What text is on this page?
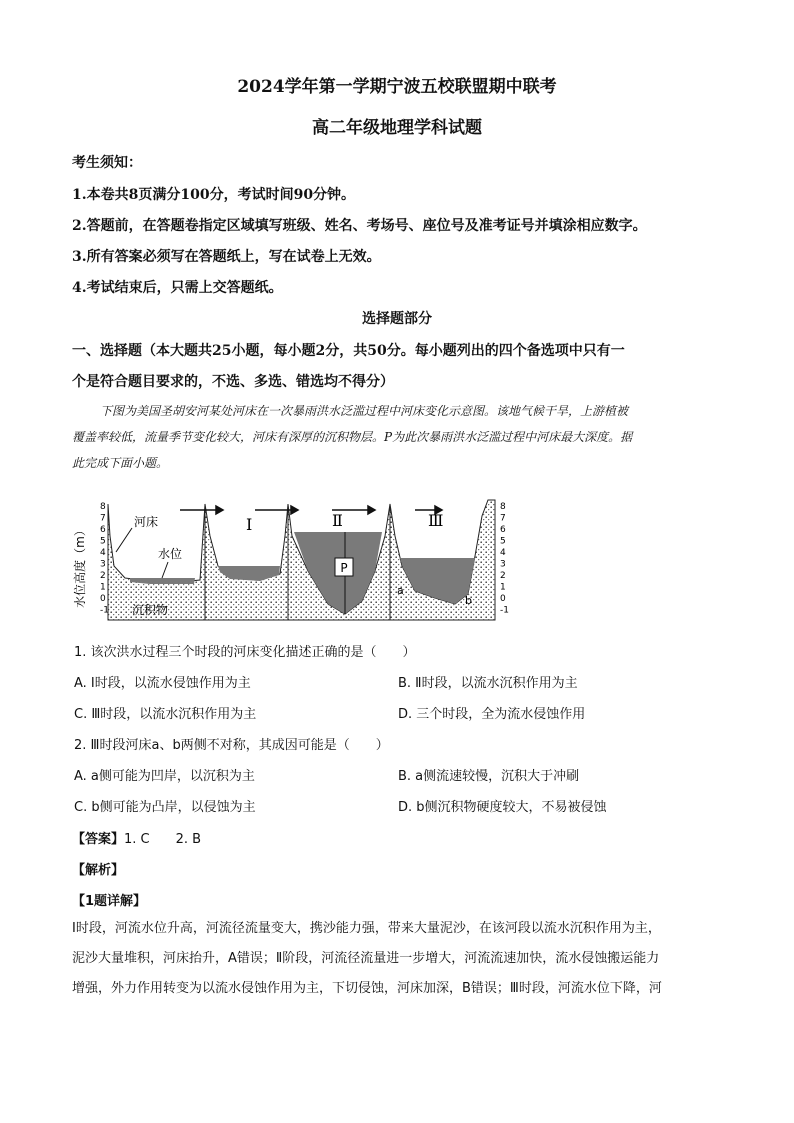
2024学年第一学期宁波五校联盟期中联考
高二年级地理学科试题
考生须知：
1.本卷共8页满分100分，考试时间90分钟。
2.答题前，在答题卷指定区域填写班级、姓名、考场号、座位号及准考证号并填涂相应数字。
3.所有答案必须写在答题纸上，写在试卷上无效。
4.考试结束后，只需上交答题纸。
选择题部分
一、选择题（本大题共25小题，每小题2分，共50分。每小题列出的四个备选项中只有一
个是符合题目要求的，不选、多选、错选均不得分）
下图为美国圣胡安河某处河床在一次暴雨洪水泛滥过程中河床变化示意图。该地气候干旱，上游植被
覆盖率较低，流量季节变化较大，河床有深厚的沉积物层。P为此次暴雨洪水泛滥过程中河床最大深度。据
此完成下面小题。
P
Ⅰ	Ⅱ	Ⅲ
河床
水位
沉积物
a
b
水位高度（m）
8
7
6
5
4
3
2
1
0
-1
8
7
6
5
4
3
2
1
0
-1
1. 该次洪水过程三个时段的河床变化描述正确的是（　　）
A. Ⅰ时段，以流水侵蚀作用为主	B. Ⅱ时段，以流水沉积作用为主
C. Ⅲ时段，以流水沉积作用为主	D. 三个时段，全为流水侵蚀作用
2. Ⅲ时段河床a、b两侧不对称，其成因可能是（　　）
A. a侧可能为凹岸，以沉积为主	B. a侧流速较慢，沉积大于冲刷
C. b侧可能为凸岸，以侵蚀为主	D. b侧沉积物硬度较大，不易被侵蚀
【答案】1. C　　2. B
【解析】
【1题详解】
Ⅰ时段，河流水位升高，河流径流量变大，携沙能力强，带来大量泥沙，在该河段以流水沉积作用为主，
泥沙大量堆积，河床抬升，A错误；Ⅱ阶段，河流径流量进一步增大，河流流速加快，流水侵蚀搬运能力
增强，外力作用转变为以流水侵蚀作用为主，下切侵蚀，河床加深，B错误；Ⅲ时段，河流水位下降，河
